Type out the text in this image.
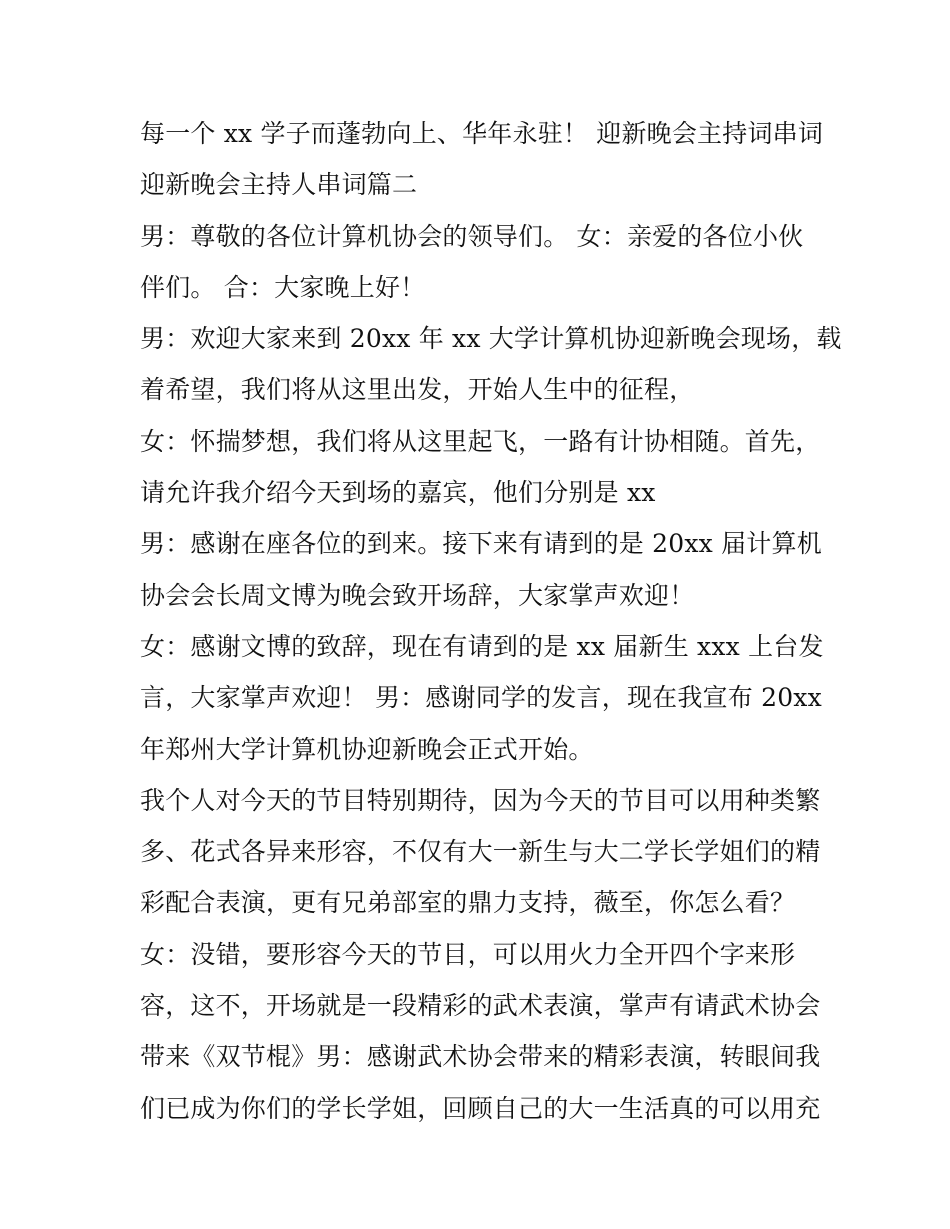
每一个 xx 学子而蓬勃向上、华年永驻！ 迎新晚会主持词串词
迎新晚会主持人串词篇二
男：尊敬的各位计算机协会的领导们。 女：亲爱的各位小伙
伴们。 合：大家晚上好！
男：欢迎大家来到 20xx 年 xx 大学计算机协迎新晚会现场，载
着希望，我们将从这里出发，开始人生中的征程，
女：怀揣梦想，我们将从这里起飞，一路有计协相随。首先，
请允许我介绍今天到场的嘉宾，他们分别是 xx
男：感谢在座各位的到来。接下来有请到的是 20xx 届计算机
协会会长周文博为晚会致开场辞，大家掌声欢迎！
女：感谢文博的致辞，现在有请到的是 xx 届新生 xxx 上台发
言，大家掌声欢迎！ 男：感谢同学的发言，现在我宣布 20xx
年郑州大学计算机协迎新晚会正式开始。
我个人对今天的节目特别期待，因为今天的节目可以用种类繁
多、花式各异来形容，不仅有大一新生与大二学长学姐们的精
彩配合表演，更有兄弟部室的鼎力支持，薇至，你怎么看？
女：没错，要形容今天的节目，可以用火力全开四个字来形
容，这不，开场就是一段精彩的武术表演，掌声有请武术协会
带来《双节棍》男：感谢武术协会带来的精彩表演，转眼间我
们已成为你们的学长学姐，回顾自己的大一生活真的可以用充
